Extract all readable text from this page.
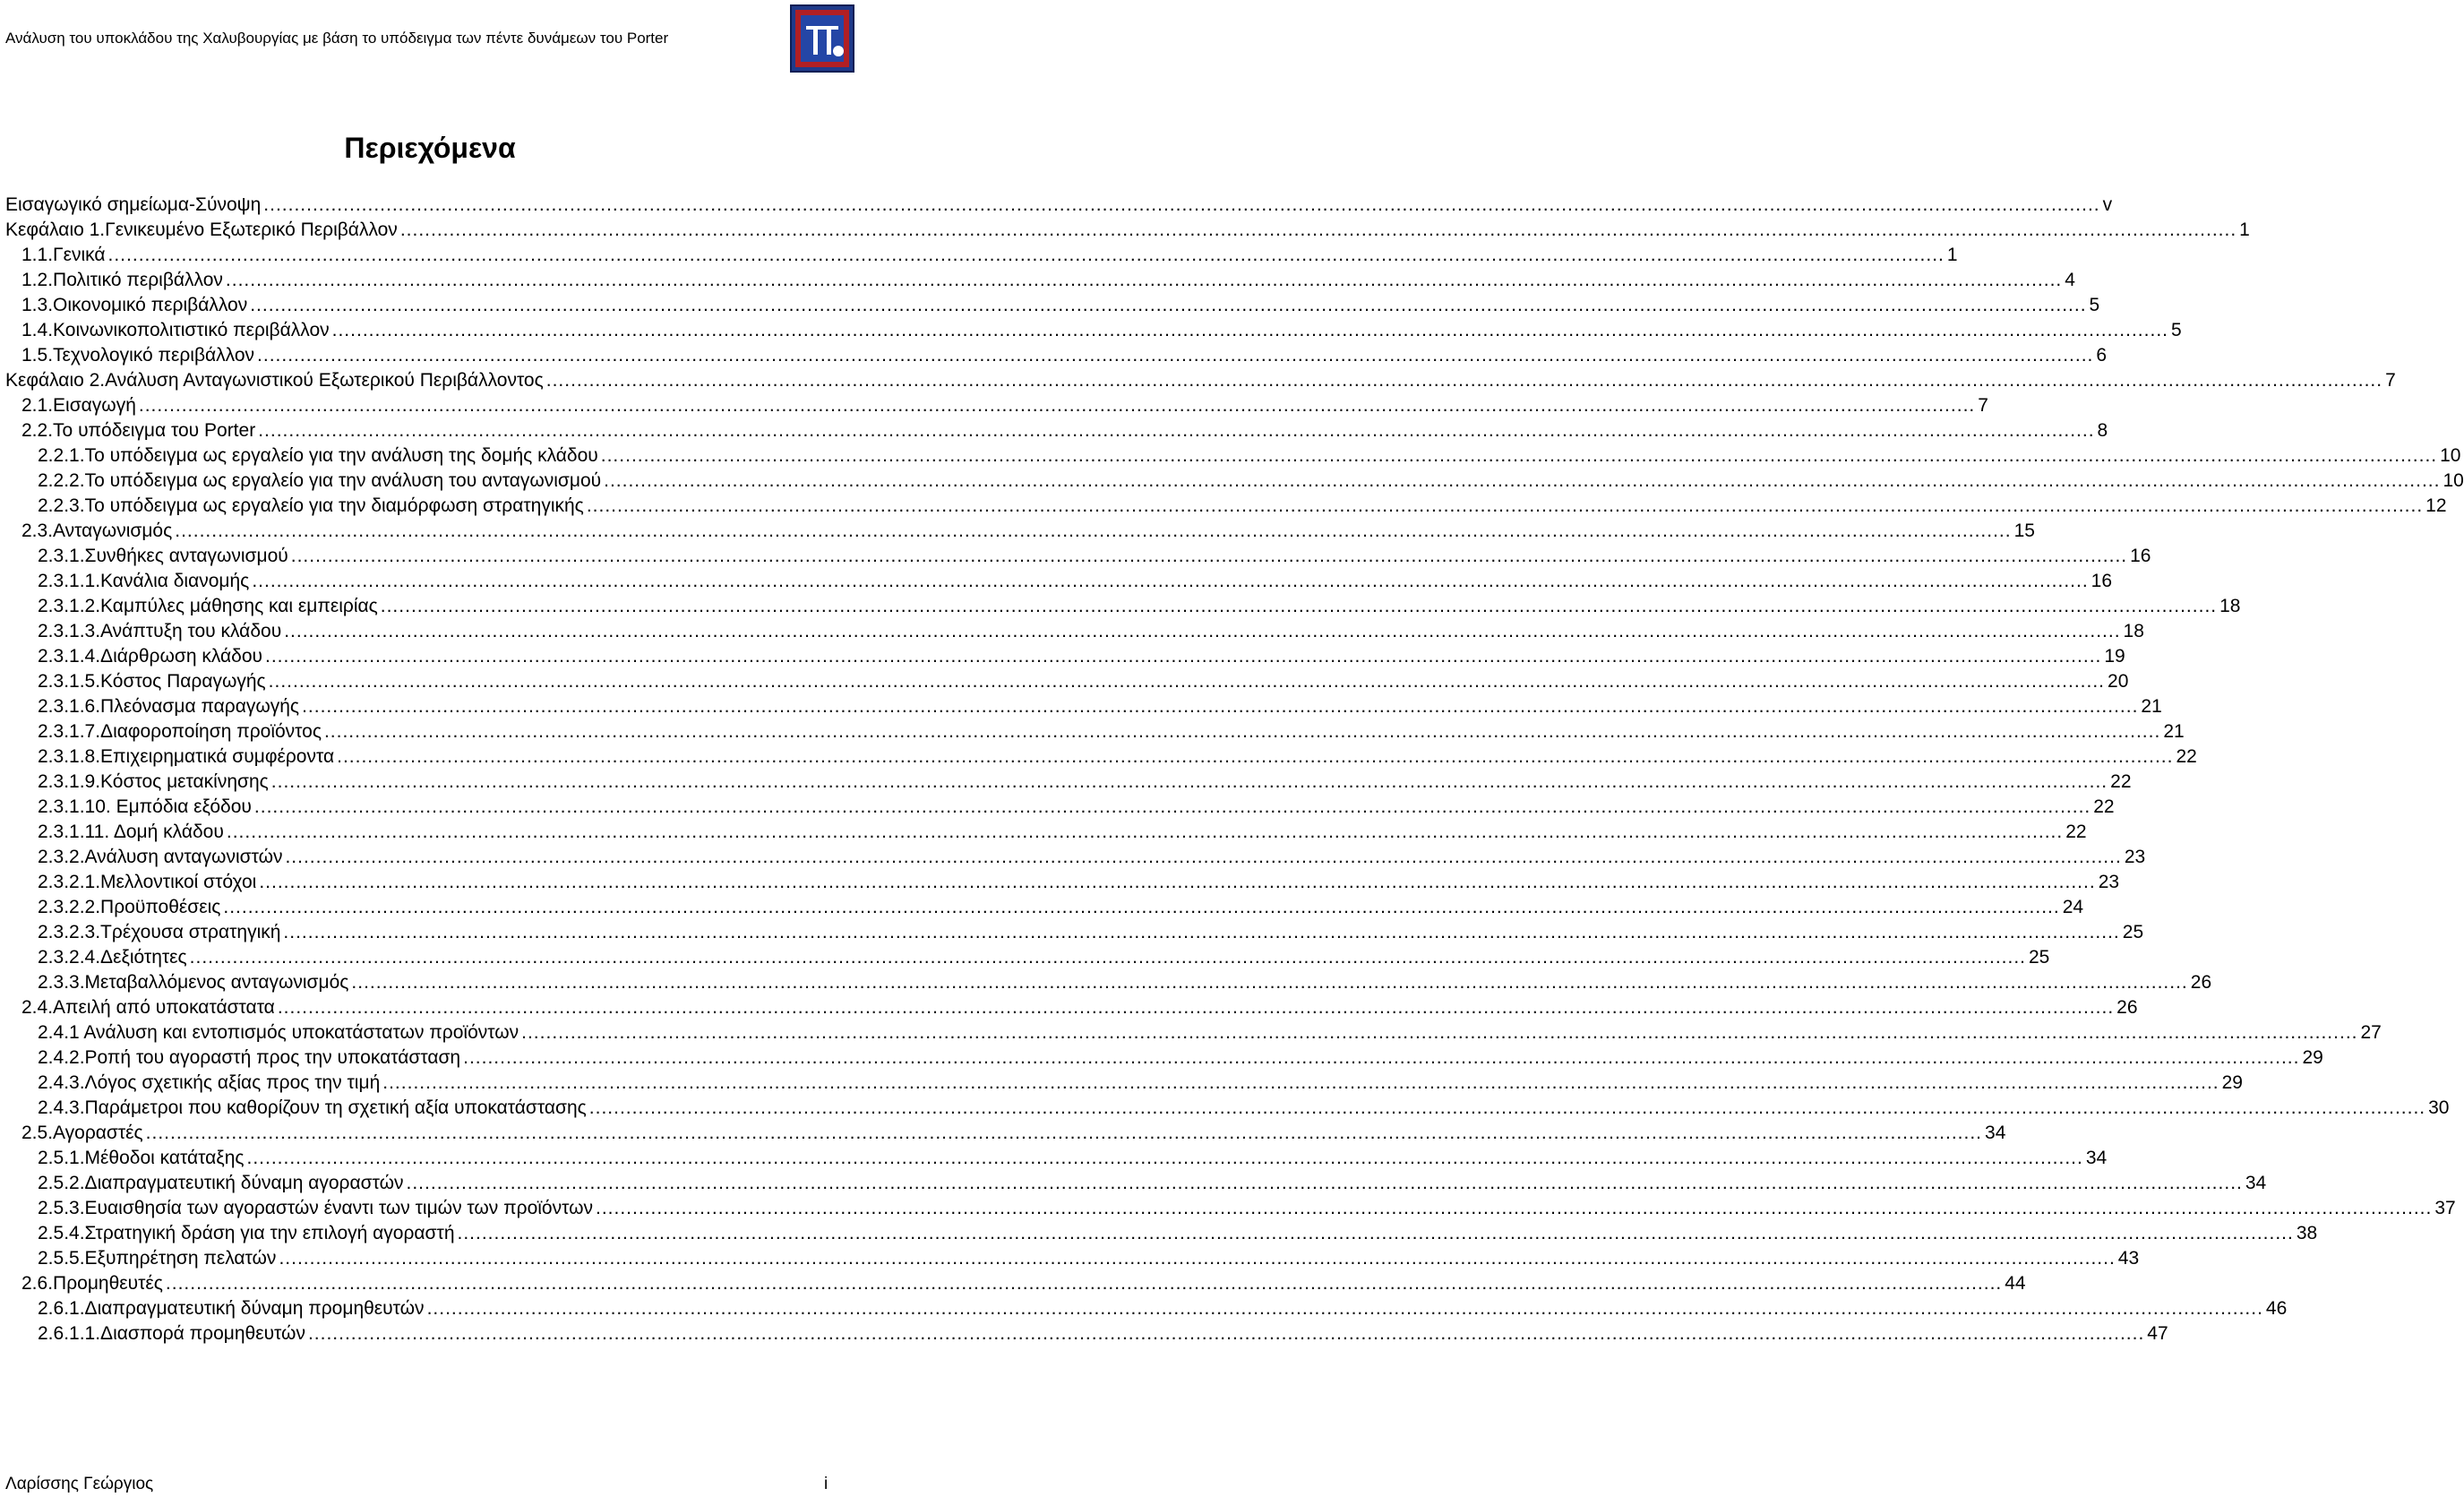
Ανάλυση του υποκλάδου της Χαλυβουργίας με βάση το υπόδειγμα των πέντε δυνάμεων του Porter
Περιεχόμενα
Εισαγωγικό σημείωμα-Σύνοψη ............................................................................................................................................................................................................................................................................................................ v
Κεφάλαιο 1.Γενικευμένο Εξωτερικό Περιβάλλον ............................................................................................................................................................................................................................................................................................................ 1
1.1. Γενικά ............................................................................................................................................................................................................................................................................................................ 1
1.2. Πολιτικό περιβάλλον ............................................................................................................................................................................................................................................................................................................ 4
1.3. Οικονομικό περιβάλλον ............................................................................................................................................................................................................................................................................................................ 5
1.4. Κοινωνικοπολιτιστικό περιβάλλον ............................................................................................................................................................................................................................................................................................................ 5
1.5. Τεχνολογικό περιβάλλον ............................................................................................................................................................................................................................................................................................................ 6
Κεφάλαιο 2.Ανάλυση Ανταγωνιστικού Εξωτερικού Περιβάλλοντος ............................................................................................................................................................................................................................................................................................................ 7
2.1. Εισαγωγή ............................................................................................................................................................................................................................................................................................................ 7
2.2. Το υπόδειγμα του Porter ............................................................................................................................................................................................................................................................................................................ 8
2.2.1. Το υπόδειγμα ως εργαλείο για την ανάλυση της δομής κλάδου ............................................................................................................................................................................................................................................................................................................ 10
2.2.2. Το υπόδειγμα ως εργαλείο για την ανάλυση του ανταγωνισμού ............................................................................................................................................................................................................................................................................................................ 10
2.2.3. Το υπόδειγμα ως εργαλείο για την διαμόρφωση στρατηγικής ............................................................................................................................................................................................................................................................................................................ 12
2.3. Ανταγωνισμός ............................................................................................................................................................................................................................................................................................................ 15
2.3.1. Συνθήκες ανταγωνισμού ............................................................................................................................................................................................................................................................................................................ 16
2.3.1.1.Κανάλια διανομής ............................................................................................................................................................................................................................................................................................................ 16
2.3.1.2.Καμπύλες μάθησης και εμπειρίας ............................................................................................................................................................................................................................................................................................................ 18
2.3.1.3.Ανάπτυξη του κλάδου ............................................................................................................................................................................................................................................................................................................ 18
2.3.1.4.Διάρθρωση κλάδου ............................................................................................................................................................................................................................................................................................................ 19
2.3.1.5.Κόστος Παραγωγής ............................................................................................................................................................................................................................................................................................................ 20
2.3.1.6.Πλεόνασμα παραγωγής ............................................................................................................................................................................................................................................................................................................ 21
2.3.1.7.Διαφοροποίηση προϊόντος ............................................................................................................................................................................................................................................................................................................ 21
2.3.1.8.Επιχειρηματικά συμφέροντα ............................................................................................................................................................................................................................................................................................................ 22
2.3.1.9.Κόστος μετακίνησης ............................................................................................................................................................................................................................................................................................................ 22
2.3.1.10. Εμπόδια εξόδου ............................................................................................................................................................................................................................................................................................................ 22
2.3.1.11. Δομή κλάδου ............................................................................................................................................................................................................................................................................................................ 22
2.3.2. Ανάλυση ανταγωνιστών ............................................................................................................................................................................................................................................................................................................ 23
2.3.2.1.Μελλοντικοί στόχοι ............................................................................................................................................................................................................................................................................................................ 23
2.3.2.2.Προϋποθέσεις ............................................................................................................................................................................................................................................................................................................ 24
2.3.2.3.Τρέχουσα στρατηγική ............................................................................................................................................................................................................................................................................................................ 25
2.3.2.4.Δεξιότητες ............................................................................................................................................................................................................................................................................................................ 25
2.3.3. Μεταβαλλόμενος ανταγωνισμός ............................................................................................................................................................................................................................................................................................................ 26
2.4. Απειλή από υποκατάστατα ............................................................................................................................................................................................................................................................................................................ 26
2.4.1 Ανάλυση και εντοπισμός υποκατάστατων προϊόντων ............................................................................................................................................................................................................................................................................................................ 27
2.4.2. Ροπή του αγοραστή προς την υποκατάσταση ............................................................................................................................................................................................................................................................................................................ 29
2.4.3. Λόγος σχετικής αξίας προς την τιμή ............................................................................................................................................................................................................................................................................................................ 29
2.4.3. Παράμετροι που καθορίζουν τη σχετική αξία υποκατάστασης ............................................................................................................................................................................................................................................................................................................ 30
2.5. Αγοραστές ............................................................................................................................................................................................................................................................................................................ 34
2.5.1. Μέθοδοι κατάταξης ............................................................................................................................................................................................................................................................................................................ 34
2.5.2. Διαπραγματευτική δύναμη αγοραστών ............................................................................................................................................................................................................................................................................................................ 34
2.5.3. Ευαισθησία των αγοραστών έναντι των τιμών των προϊόντων ............................................................................................................................................................................................................................................................................................................ 37
2.5.4. Στρατηγική δράση για την επιλογή αγοραστή ............................................................................................................................................................................................................................................................................................................ 38
2.5.5. Εξυπηρέτηση πελατών ............................................................................................................................................................................................................................................................................................................ 43
2.6. Προμηθευτές ............................................................................................................................................................................................................................................................................................................ 44
2.6.1. Διαπραγματευτική δύναμη προμηθευτών ............................................................................................................................................................................................................................................................................................................ 46
2.6.1.1.Διασπορά προμηθευτών ............................................................................................................................................................................................................................................................................................................ 47
Λαρίσσης Γεώργιος	i
